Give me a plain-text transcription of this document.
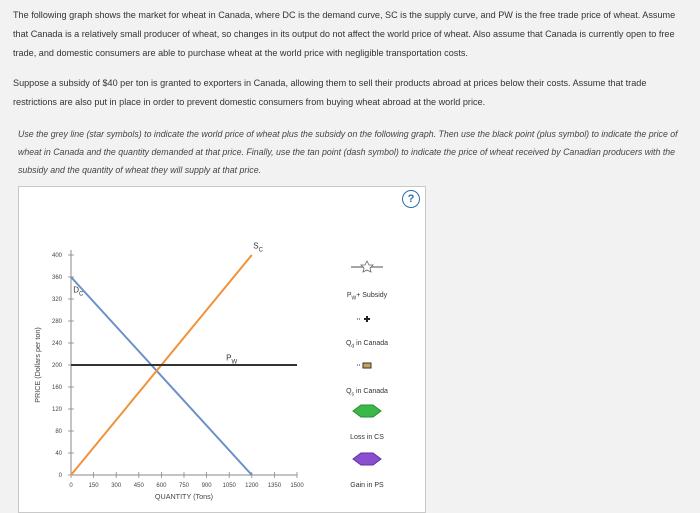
The following graph shows the market for wheat in Canada, where DC is the demand curve, SC is the supply curve, and PW is the free trade price of wheat. Assume that Canada is a relatively small producer of wheat, so changes in its output do not affect the world price of wheat. Also assume that Canada is currently open to free trade, and domestic consumers are able to purchase wheat at the world price with negligible transportation costs.

Suppose a subsidy of $40 per ton is granted to exporters in Canada, allowing them to sell their products abroad at prices below their costs. Assume that trade restrictions are also put in place in order to prevent domestic consumers from buying wheat abroad at the world price.

Use the grey line (star symbols) to indicate the world price of wheat plus the subsidy on the following graph. Then use the black point (plus symbol) to indicate the price of wheat in Canada and the quantity demanded at that price. Finally, use the tan point (dash symbol) to indicate the price of wheat received by Canadian producers with the subsidy and the quantity of wheat they will supply at that price.
0
40
80
120
160
200
240
280
320
360
400
0	150 300 450 600 750 900 1050 1200 1350 1500
QUANTITY (Tons)
PRICE (Dollars per ton)
$D_C$
$S_C$
$P_W$
$P_W+$ Subsidy
$Q_d$ in Canada
$Q_s$ in Canada
Loss in CS
Gain in PS
?
